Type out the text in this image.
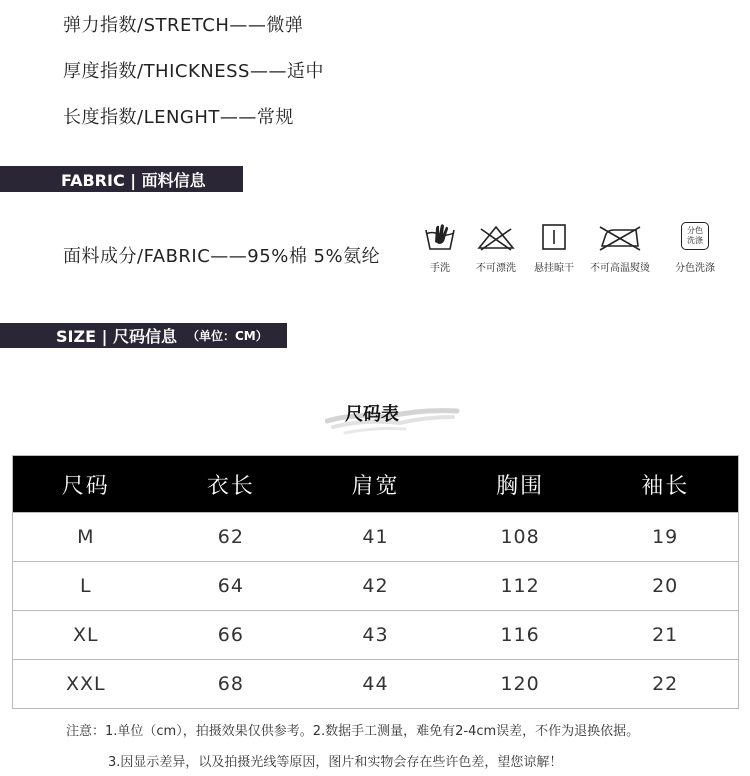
弹力指数/STRETCH——微弹
厚度指数/THICKNESS——适中
长度指数/LENGHT——常规
FABRIC | 面料信息
面料成分/FABRIC——95%棉 5%氨纶
手洗	不可漂洗 悬挂晾干 不可高温熨烫
分色
洗涤
分色洗涤
SIZE | 尺码信息 （单位：CM）
尺码表
尺码	衣长	肩宽	胸围	袖长
M	62	41	108	19
L	64	42	112	20
XL	66	43	116	21
XXL	68	44	120	22
注意：1.单位（cm），拍摄效果仅供参考。2.数据手工测量，难免有2-4cm误差，不作为退换依据。
3.因显示差异，以及拍摄光线等原因，图片和实物会存在些许色差，望您谅解！
